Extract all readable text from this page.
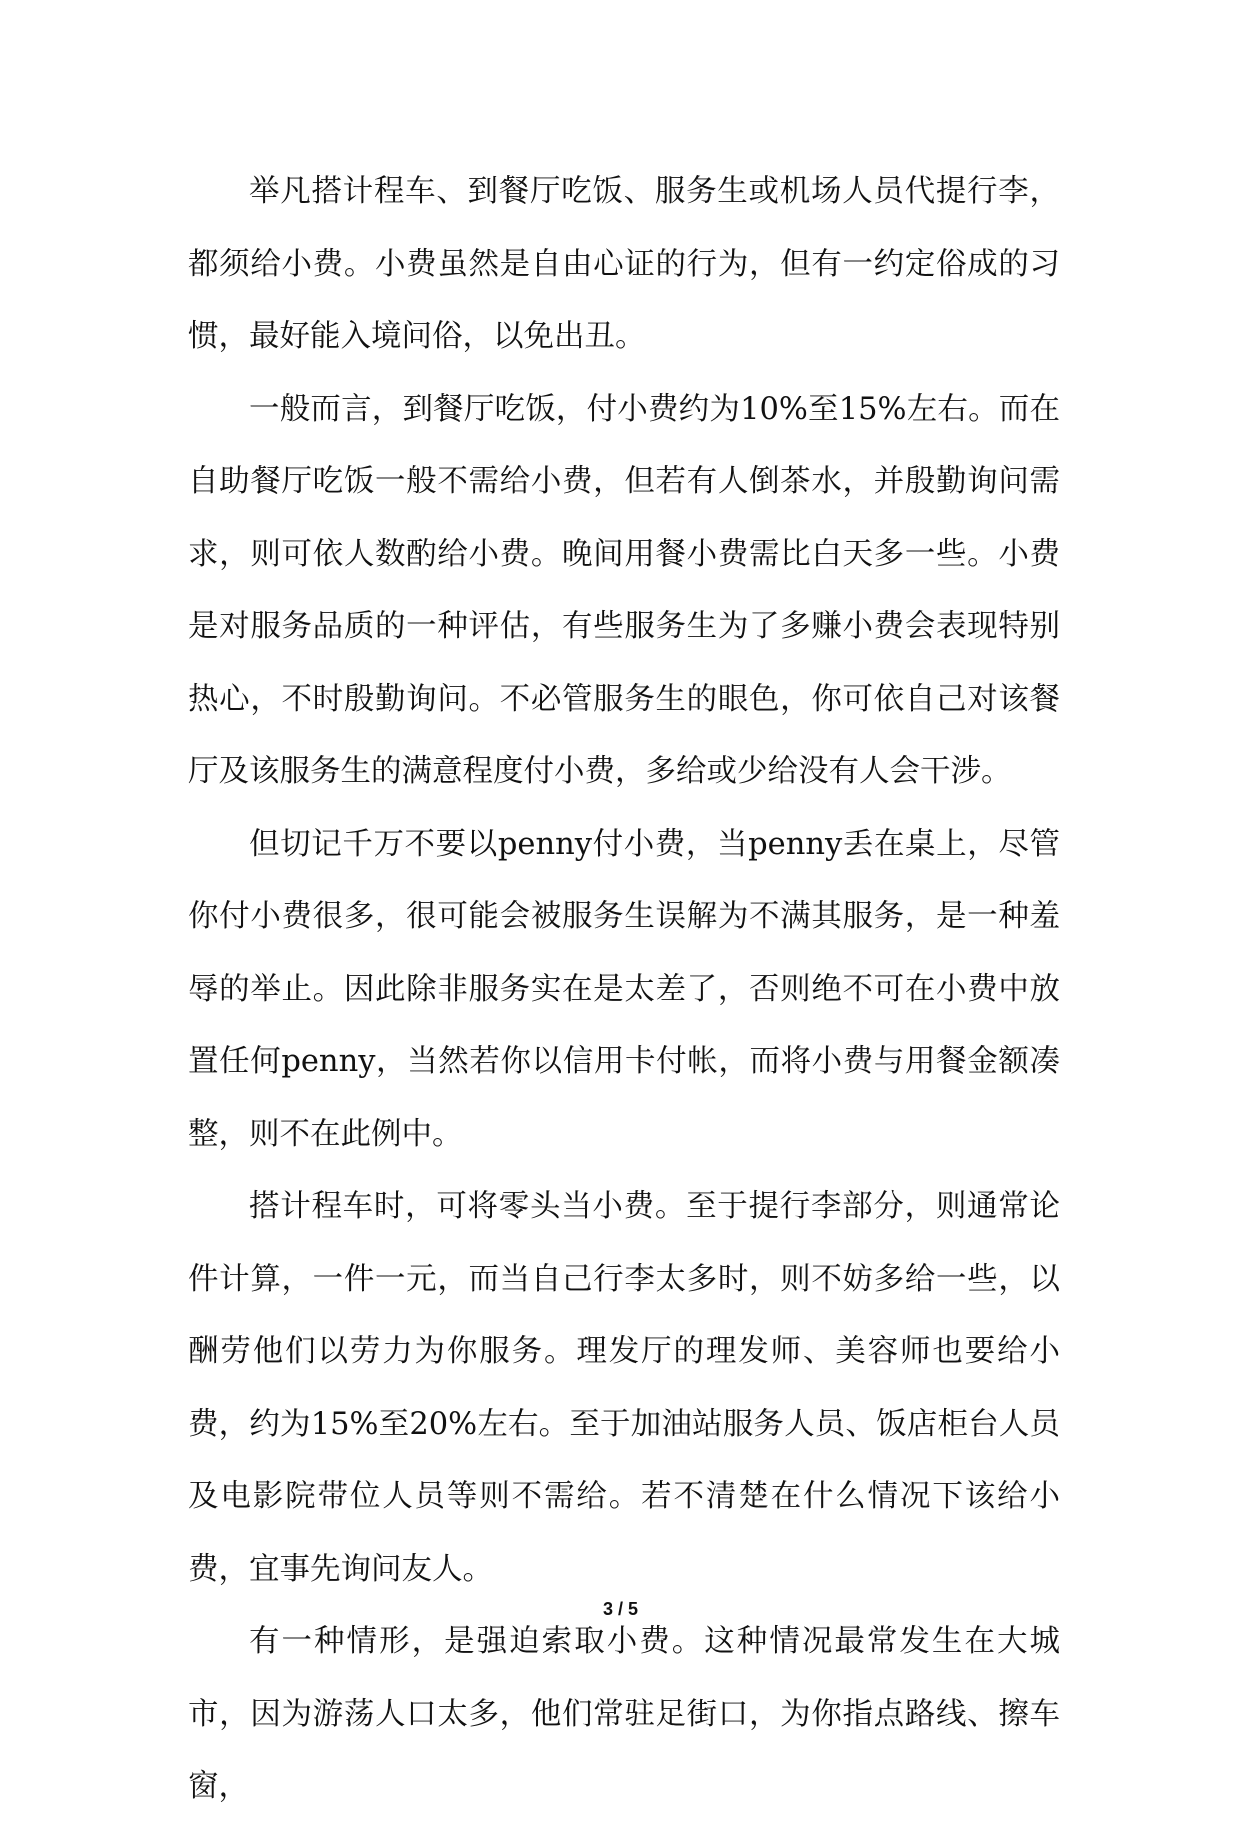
举凡搭计程车、到餐厅吃饭、服务生或机场人员代提行李，都须给小费。小费虽然是自由心证的行为，但有一约定俗成的习惯，最好能入境问俗，以免出丑。

一般而言，到餐厅吃饭，付小费约为10%至15%左右。而在自助餐厅吃饭一般不需给小费，但若有人倒茶水，并殷勤询问需求，则可依人数酌给小费。晚间用餐小费需比白天多一些。小费是对服务品质的一种评估，有些服务生为了多赚小费会表现特别热心，不时殷勤询问。不必管服务生的眼色，你可依自己对该餐厅及该服务生的满意程度付小费，多给或少给没有人会干涉。

但切记千万不要以penny付小费，当penny丢在桌上，尽管你付小费很多，很可能会被服务生误解为不满其服务，是一种羞辱的举止。因此除非服务实在是太差了，否则绝不可在小费中放置任何penny，当然若你以信用卡付帐，而将小费与用餐金额凑整，则不在此例中。

搭计程车时，可将零头当小费。至于提行李部分，则通常论件计算，一件一元，而当自己行李太多时，则不妨多给一些，以酬劳他们以劳力为你服务。理发厅的理发师、美容师也要给小费，约为15%至20%左右。至于加油站服务人员、饭店柜台人员及电影院带位人员等则不需给。若不清楚在什么情况下该给小费，宜事先询问友人。

有一种情形，是强迫索取小费。这种情况最常发生在大城市，因为游荡人口太多，他们常驻足街口，为你指点路线、擦车窗，

3 / 5
